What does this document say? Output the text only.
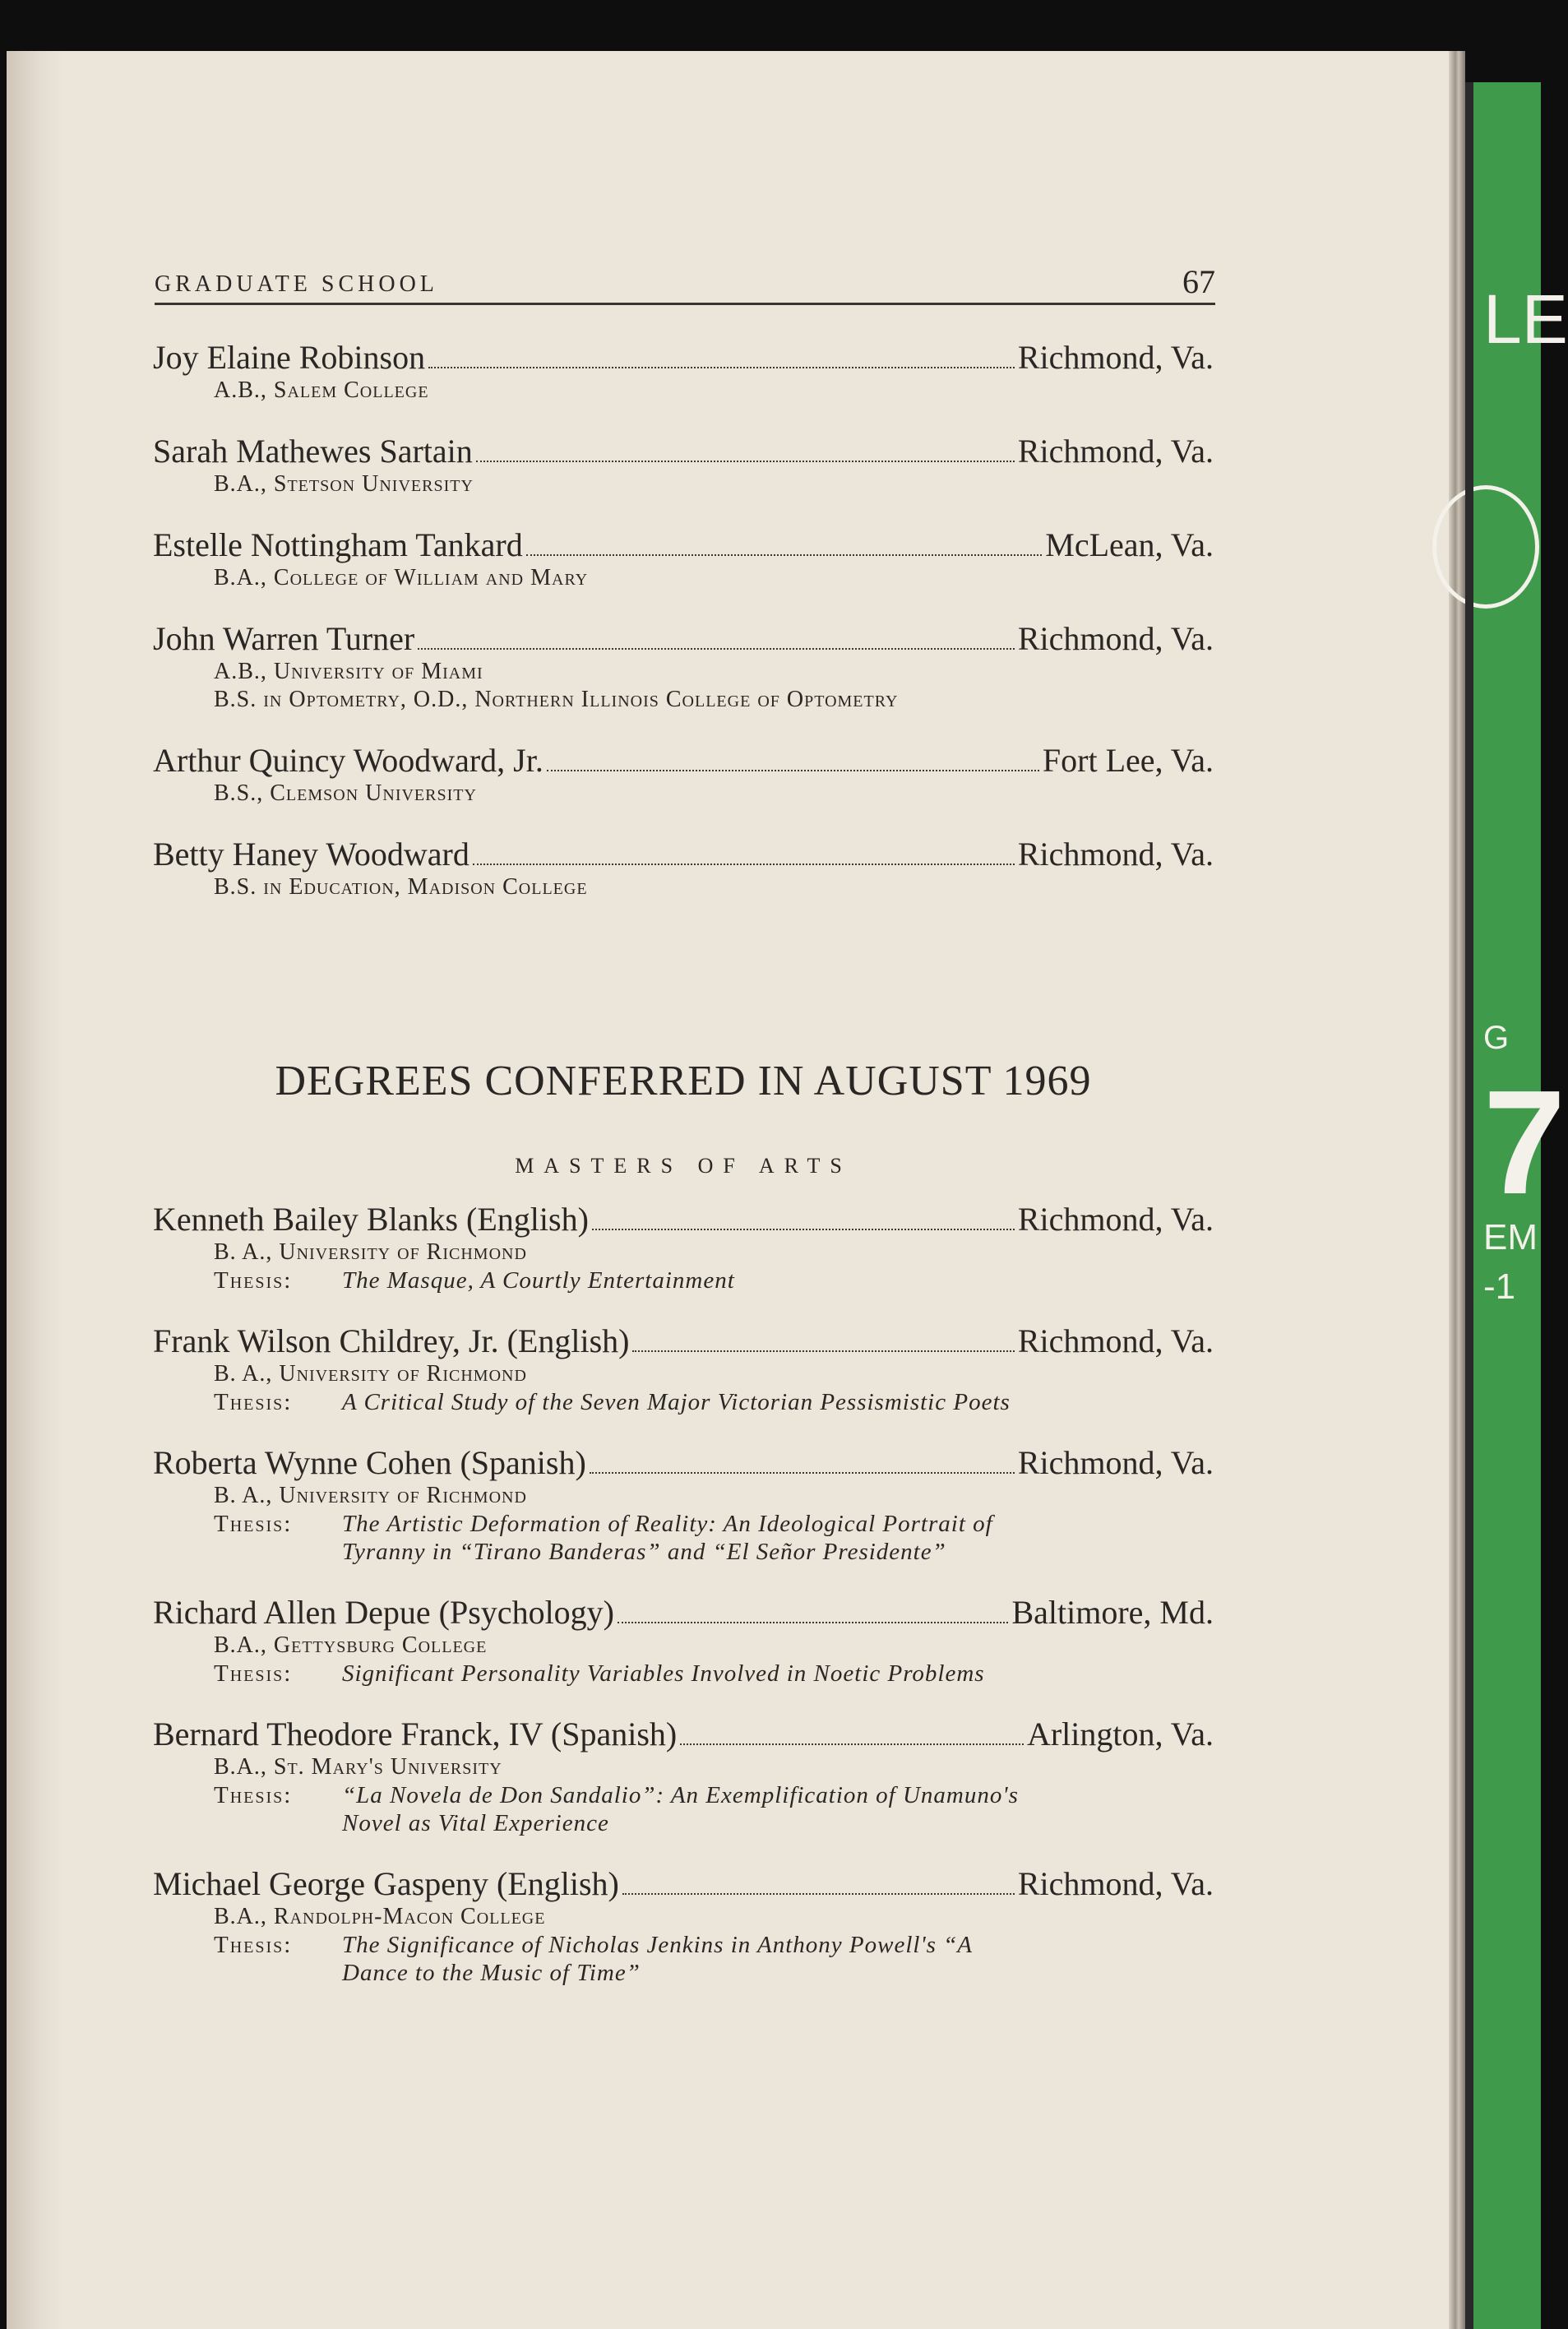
LE
G
7
EM
-1
GRADUATE SCHOOL	67
Joy Elaine Robinson	Richmond, Va.
A.B., Salem College
Sarah Mathewes Sartain	Richmond, Va.
B.A., Stetson University
Estelle Nottingham Tankard	McLean, Va.
B.A., College of William and Mary
John Warren Turner	Richmond, Va.
A.B., University of Miami
B.S. in Optometry, O.D., Northern Illinois College of Optometry
Arthur Quincy Woodward, Jr.	Fort Lee, Va.
B.S., Clemson University
Betty Haney Woodward	Richmond, Va.
B.S. in Education, Madison College
DEGREES CONFERRED IN AUGUST 1969
MASTERS OF ARTS
Kenneth Bailey Blanks (English)	Richmond, Va.
B. A., University of Richmond
Thesis:	The Masque, A Courtly Entertainment
Frank Wilson Childrey, Jr. (English)	Richmond, Va.
B. A., University of Richmond
Thesis:	A Critical Study of the Seven Major Victorian Pessismistic Poets
Roberta Wynne Cohen (Spanish)	Richmond, Va.
B. A., University of Richmond
Thesis:	The Artistic Deformation of Reality: An Ideological Portrait of
Tyranny in “Tirano Banderas” and “El Señor Presidente”
Richard Allen Depue (Psychology)	Baltimore, Md.
B.A., Gettysburg College
Thesis:	Significant Personality Variables Involved in Noetic Problems
Bernard Theodore Franck, IV (Spanish)	Arlington, Va.
B.A., St. Mary's University
Thesis:	“La Novela de Don Sandalio”: An Exemplification of Unamuno's
Novel as Vital Experience
Michael George Gaspeny (English)	Richmond, Va.
B.A., Randolph-Macon College
Thesis:	The Significance of Nicholas Jenkins in Anthony Powell's “A
Dance to the Music of Time”
